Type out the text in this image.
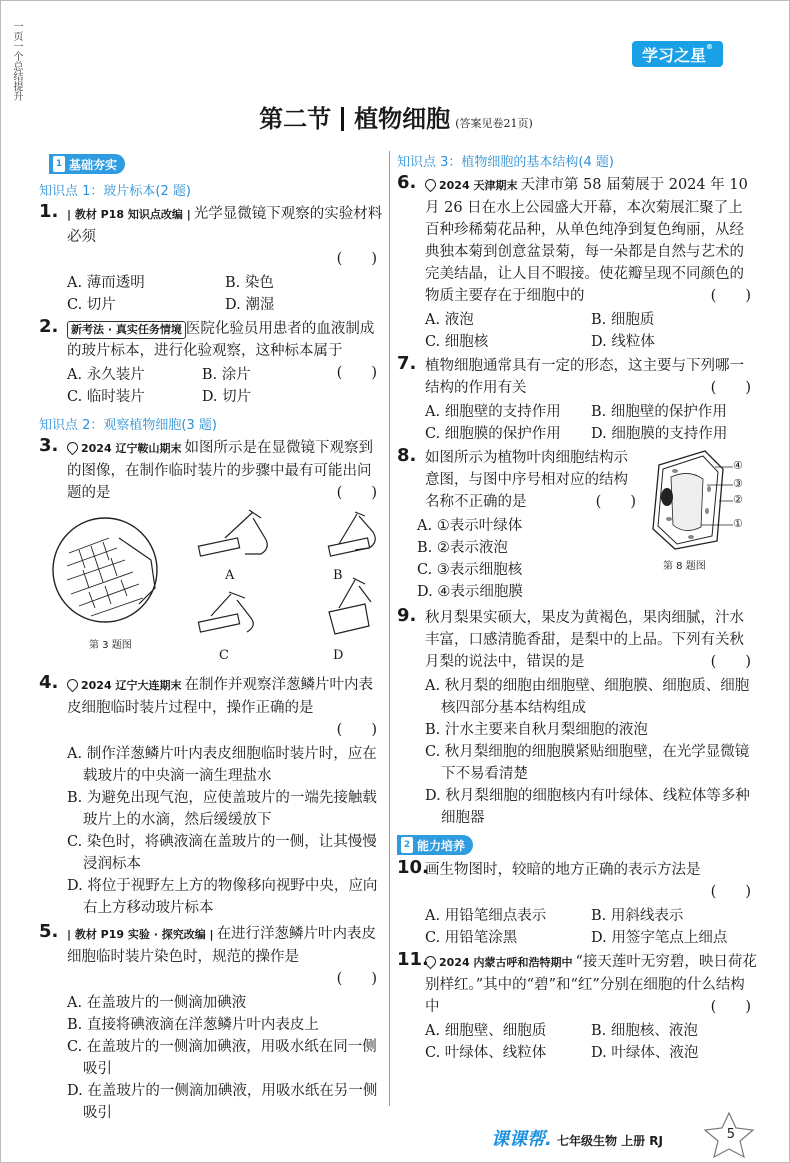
一页一个总结提升	学习之星®
第二节 植物细胞 (答案见卷21页)
1 基础夯实
知识点 1：玻片标本(2 题)
1. | 教材 P18 知识点改编 | 光学显微镜下观察的实验材料必须
(　　)
A. 薄而透明	B. 染色
C. 切片	D. 潮湿
2. 新考法 · 真实任务情境 医院化验员用患者的血液制成的玻片标本，进行化验观察，这种标本属于
(　　)
A. 永久装片	B. 涂片
C. 临时装片	D. 切片
知识点 2：观察植物细胞(3 题)
3. 2024 辽宁鞍山期末 如图所示是在显微镜下观察到的图像，在制作临时装片的步骤中最有可能出问题的是	(　　)
A	B
C	D
第 3 题图
4. 2024 辽宁大连期末 在制作并观察洋葱鳞片叶内表皮细胞临时装片过程中，操作正确的是
(　　)
A. 制作洋葱鳞片叶内表皮细胞临时装片时，应在载玻片的中央滴一滴生理盐水
B. 为避免出现气泡，应使盖玻片的一端先接触载玻片上的水滴，然后缓缓放下
C. 染色时，将碘液滴在盖玻片的一侧，让其慢慢浸润标本
D. 将位于视野左上方的物像移向视野中央，应向右上方移动玻片标本
5. | 教材 P19 实验 · 探究改编 | 在进行洋葱鳞片叶内表皮细胞临时装片染色时，规范的操作是
(　　)
A. 在盖玻片的一侧滴加碘液
B. 直接将碘液滴在洋葱鳞片叶内表皮上
C. 在盖玻片的一侧滴加碘液，用吸水纸在同一侧吸引
D. 在盖玻片的一侧滴加碘液，用吸水纸在另一侧吸引
知识点 3：植物细胞的基本结构(4 题)
6. 2024 天津期末 天津市第 58 届菊展于 2024 年 10 月 26 日在水上公园盛大开幕，本次菊展汇聚了上百种珍稀菊花品种，从单色纯净到复色绚丽，从经典独本菊到创意盆景菊，每一朵都是自然与艺术的完美结晶，让人目不暇接。使花瓣呈现不同颜色的物质主要存在于细胞中的	(　　)
A. 液泡	B. 细胞质
C. 细胞核	D. 线粒体
7. 植物细胞通常具有一定的形态，这主要与下列哪一结构的作用有关	(　　)
A. 细胞壁的支持作用	B. 细胞壁的保护作用
C. 细胞膜的保护作用	D. 细胞膜的支持作用
8. 如图所示为植物叶肉细胞结构示意图，与图中序号相对应的结构名称不正确的是	(　　)
A. ①表示叶绿体
B. ②表示液泡
C. ③表示细胞核
D. ④表示细胞膜
④
③
②
①
第 8 题图
9. 秋月梨果实硕大，果皮为黄褐色，果肉细腻，汁水丰富，口感清脆香甜，是梨中的上品。下列有关秋月梨的说法中，错误的是	(　　)
A. 秋月梨的细胞由细胞壁、细胞膜、细胞质、细胞核四部分基本结构组成
B. 汁水主要来自秋月梨细胞的液泡
C. 秋月梨细胞的细胞膜紧贴细胞壁，在光学显微镜下不易看清楚
D. 秋月梨细胞的细胞核内有叶绿体、线粒体等多种细胞器
2 能力培养
10.
画生物图时，较暗的地方正确的表示方法是
(　　)
A. 用铅笔细点表示	B. 用斜线表示
C. 用铅笔涂黑	D. 用签字笔点上细点
11. 2024 内蒙古呼和浩特期中 “接天莲叶无穷碧，映日荷花别样红。”其中的“碧”和“红”分别在细胞的什么结构中	(　　)
A. 细胞壁、细胞质	B. 细胞核、液泡
C. 叶绿体、线粒体	D. 叶绿体、液泡
课课帮. 七年级生物 上册 RJ	5
